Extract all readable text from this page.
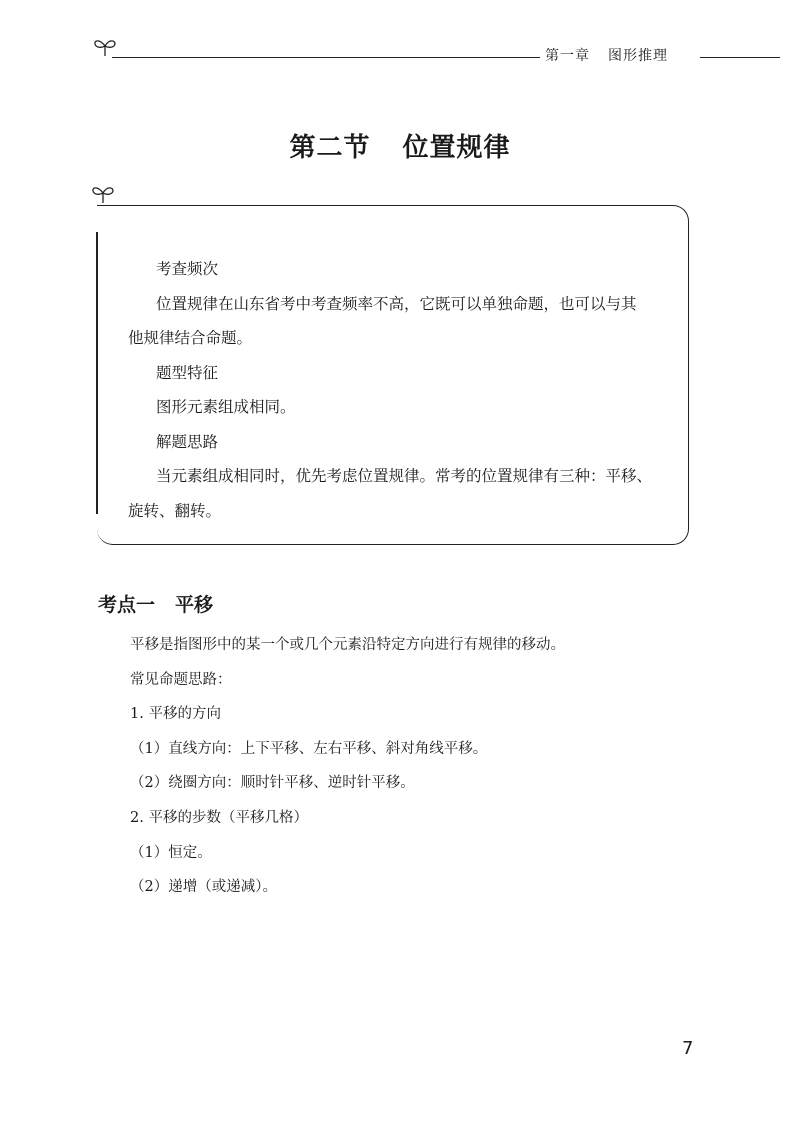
第一章 图形推理
第二节 位置规律

考查频次

位置规律在山东省考中考查频率不高，它既可以单独命题，也可以与其

他规律结合命题。

题型特征

图形元素组成相同。

解题思路

当元素组成相同时，优先考虑位置规律。常考的位置规律有三种：平移、

旋转、翻转。

考点一 平移

平移是指图形中的某一个或几个元素沿特定方向进行有规律的移动。

常见命题思路：

1. 平移的方向

（1）直线方向：上下平移、左右平移、斜对角线平移。

（2）绕圈方向：顺时针平移、逆时针平移。

2. 平移的步数（平移几格）

（1）恒定。

（2）递增（或递减）。

7
